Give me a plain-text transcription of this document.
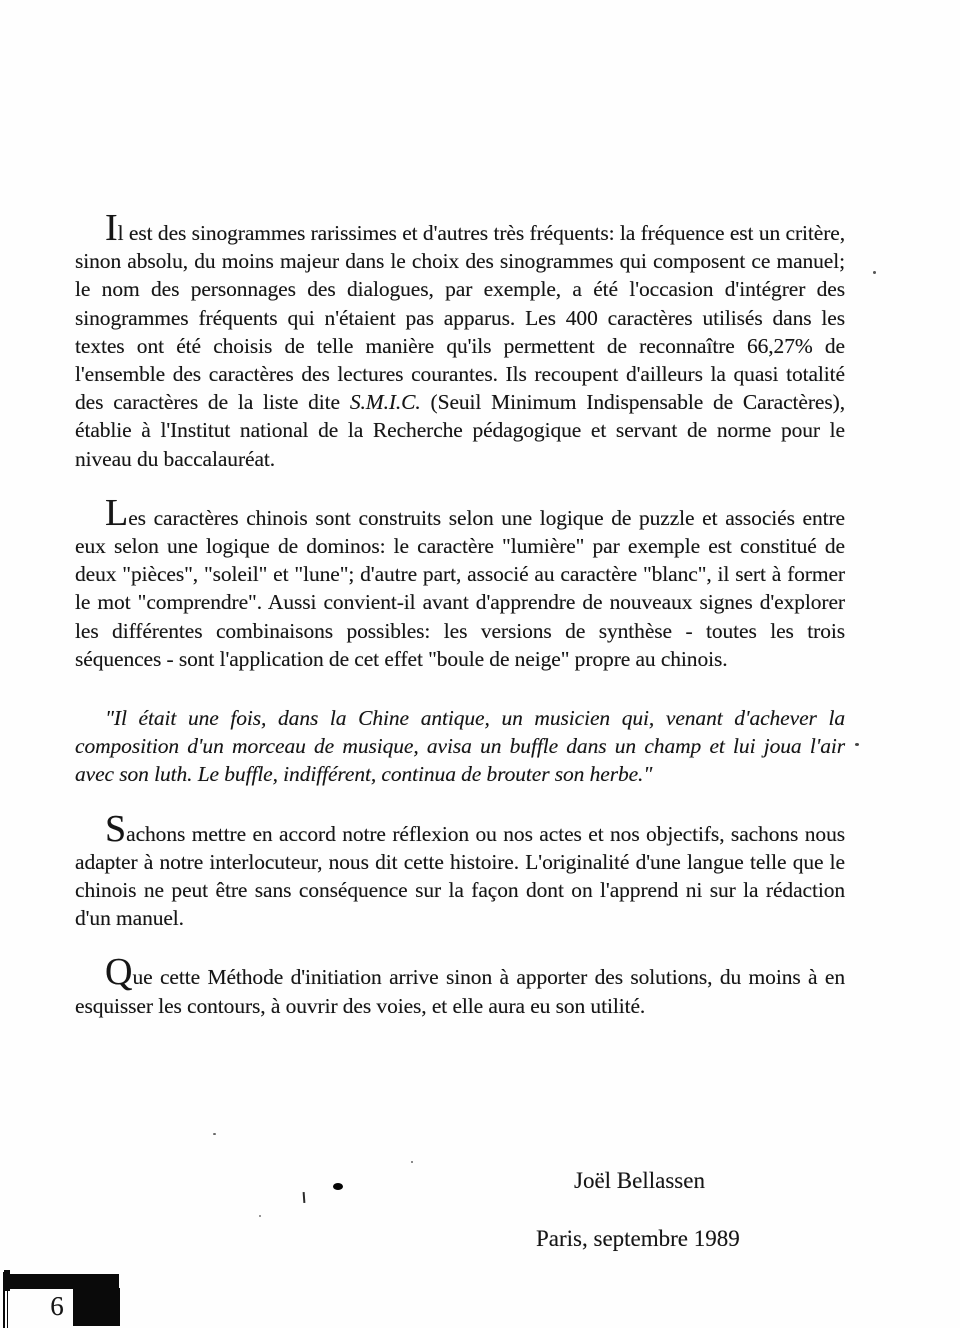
Il est des sinogrammes rarissimes et d'autres très fréquents: la fréquence est un critère, sinon absolu, du moins majeur dans le choix des sinogrammes qui composent ce manuel; le nom des personnages des dialogues, par exemple, a été l'occasion d'intégrer des sinogrammes fréquents qui n'étaient pas apparus. Les 400 caractères utilisés dans les textes ont été choisis de telle manière qu'ils permettent de reconnaître 66,27% de l'ensemble des caractères des lectures courantes. Ils recoupent d'ailleurs la quasi totalité des caractères de la liste dite S.M.I.C. (Seuil Minimum Indispensable de Caractères), établie à l'Institut national de la Recherche pédagogique et servant de norme pour le niveau du baccalauréat.

Les caractères chinois sont construits selon une logique de puzzle et associés entre eux selon une logique de dominos: le caractère "lumière" par exemple est constitué de deux "pièces", "soleil" et "lune"; d'autre part, associé au caractère "blanc", il sert à former le mot "comprendre". Aussi convient-il avant d'apprendre de nouveaux signes d'explorer les différentes combinaisons possibles: les versions de synthèse - toutes les trois séquences - sont l'application de cet effet "boule de neige" propre au chinois.

"Il était une fois, dans la Chine antique, un musicien qui, venant d'achever la composition d'un morceau de musique, avisa un buffle dans un champ et lui joua l'air avec son luth. Le buffle, indifférent, continua de brouter son herbe."

Sachons mettre en accord notre réflexion ou nos actes et nos objectifs, sachons nous adapter à notre interlocuteur, nous dit cette histoire. L'originalité d'une langue telle que le chinois ne peut être sans conséquence sur la façon dont on l'apprend ni sur la rédaction d'un manuel.

Que cette Méthode d'initiation arrive sinon à apporter des solutions, du moins à en esquisser les contours, à ouvrir des voies, et elle aura eu son utilité.

Joël Bellassen
Paris, septembre 1989
6
